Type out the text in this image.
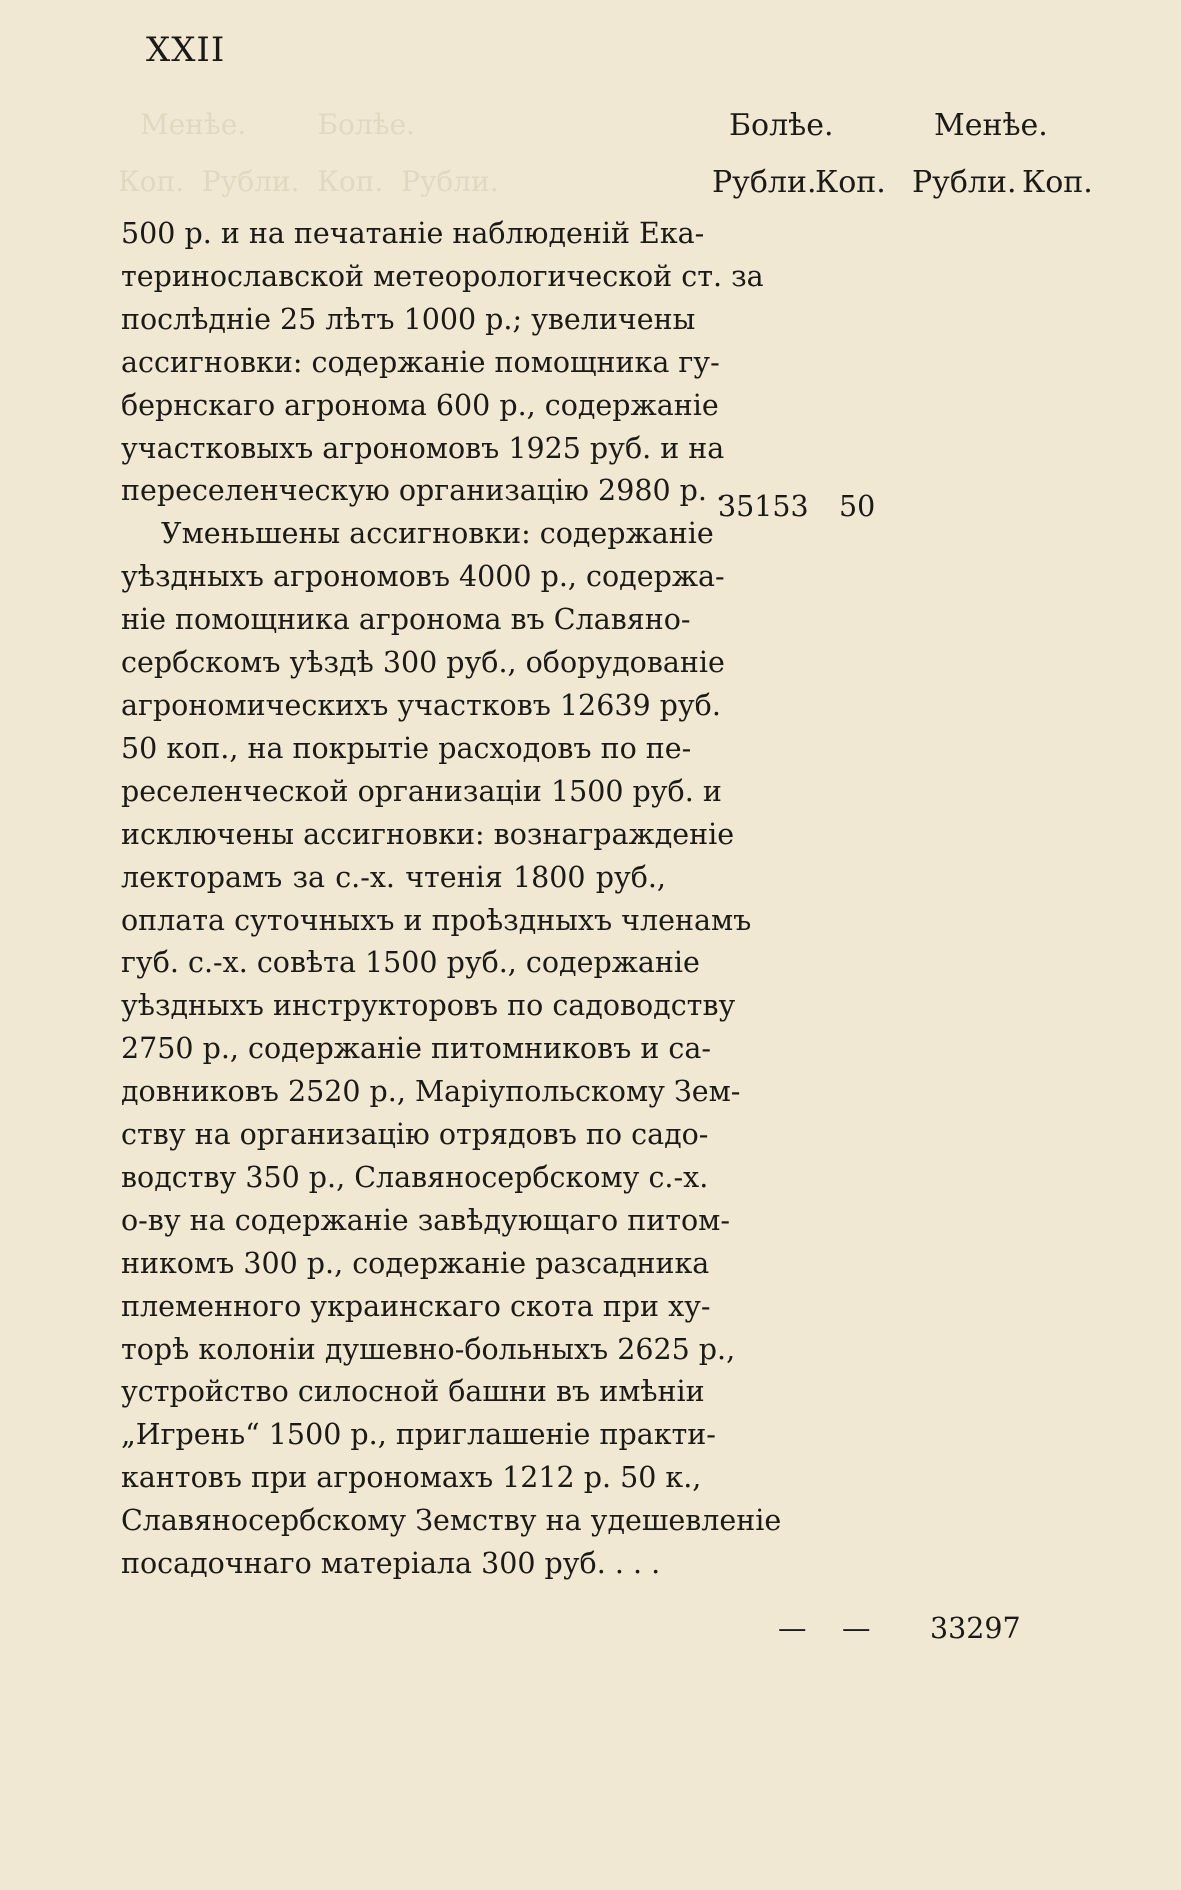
Менѣе.        Болѣе.
Коп.  Рубли.  Коп.  Рубли.
XXII
Болѣе.	Менѣе.
Рубли.
Коп. Рубли. Коп.
500 р. и на печатаніе наблюденій Ека-
теринославской метеорологической ст. за
послѣдніе 25 лѣтъ 1000 р.; увеличены
ассигновки: содержаніе помощника гу-
бернскаго агронома 600 р., содержаніе
участковыхъ агрономовъ 1925 руб. и на
переселенческую организацію 2980 р. .
Уменьшены ассигновки: содержаніе
уѣздныхъ агрономовъ 4000 р., содержа-
ніе помощника агронома въ Славяно-
сербскомъ уѣздѣ 300 руб., оборудованіе
агрономическихъ участковъ 12639 руб.
50 коп., на покрытіе расходовъ по пе-
реселенческой организаціи 1500 руб. и
исключены ассигновки: вознагражденіе
лекторамъ за с.-х. чтенія 1800 руб.,
оплата суточныхъ и проѣздныхъ членамъ
губ. с.-х. совѣта 1500 руб., содержаніе
уѣздныхъ инструкторовъ по садоводству
2750 р., содержаніе питомниковъ и са-
довниковъ 2520 р., Маріупольскому Зем-
ству на организацію отрядовъ по садо-
водству 350 р., Славяносербскому с.-х.
о-ву на содержаніе завѣдующаго питом-
никомъ 300 р., содержаніе разсадника
племенного украинскаго скота при ху-
торѣ колоніи душевно-больныхъ 2625 р.,
устройство силосной башни въ имѣніи
„Игрень“ 1500 р., приглашеніе практи-
кантовъ при агрономахъ 1212 р. 50 к.,
Славяносербскому Земству на удешевленіе
посадочнаго матеріала 300 руб. . . .
35153 50
— — 33297
